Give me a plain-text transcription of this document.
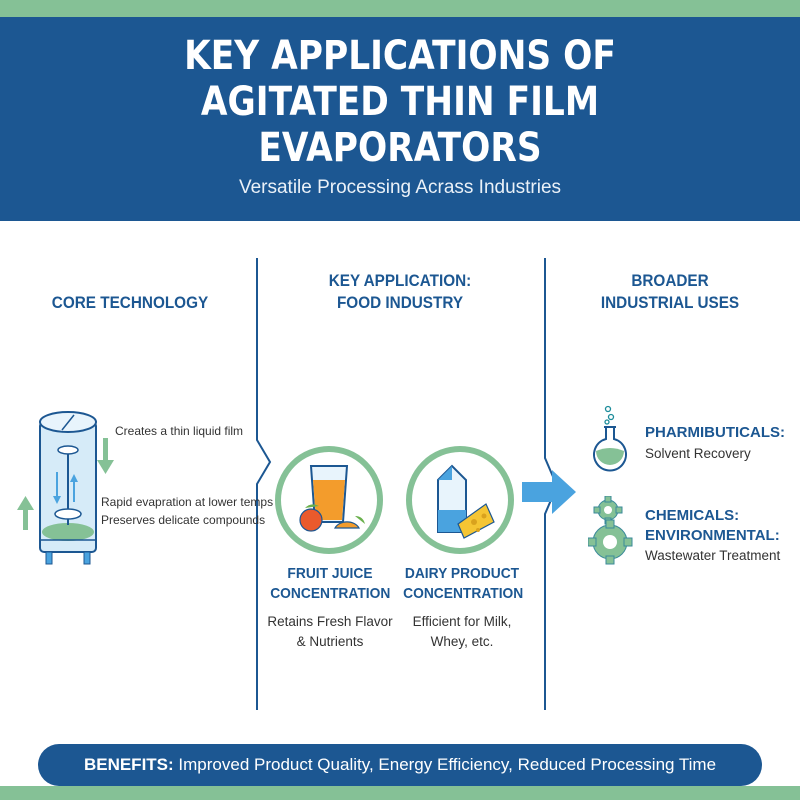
KEY APPLICATIONS OF
AGITATED THIN FILM
EVAPORATORS
Versatile Processing Acrass Industries
CORE TECHNOLOGY
KEY APPLICATION:
FOOD INDUSTRY
BROADER
INDUSTRIAL USES
Creates a thin liquid film
Rapid evapration at lower temps
Preserves delicate compounds
FRUIT JUICE
CONCENTRATION
Retains Fresh Flavor
& Nutrients
DAIRY PRODUCT
CONCENTRATION
Efficient for Milk,
Whey, etc.
PHARMIBUTICALS:
Solvent Recovery
CHEMICALS:
ENVIRONMENTAL:
Wastewater Treatment
BENEFITS: Improved Product Quality, Energy Efficiency, Reduced Processing Time
